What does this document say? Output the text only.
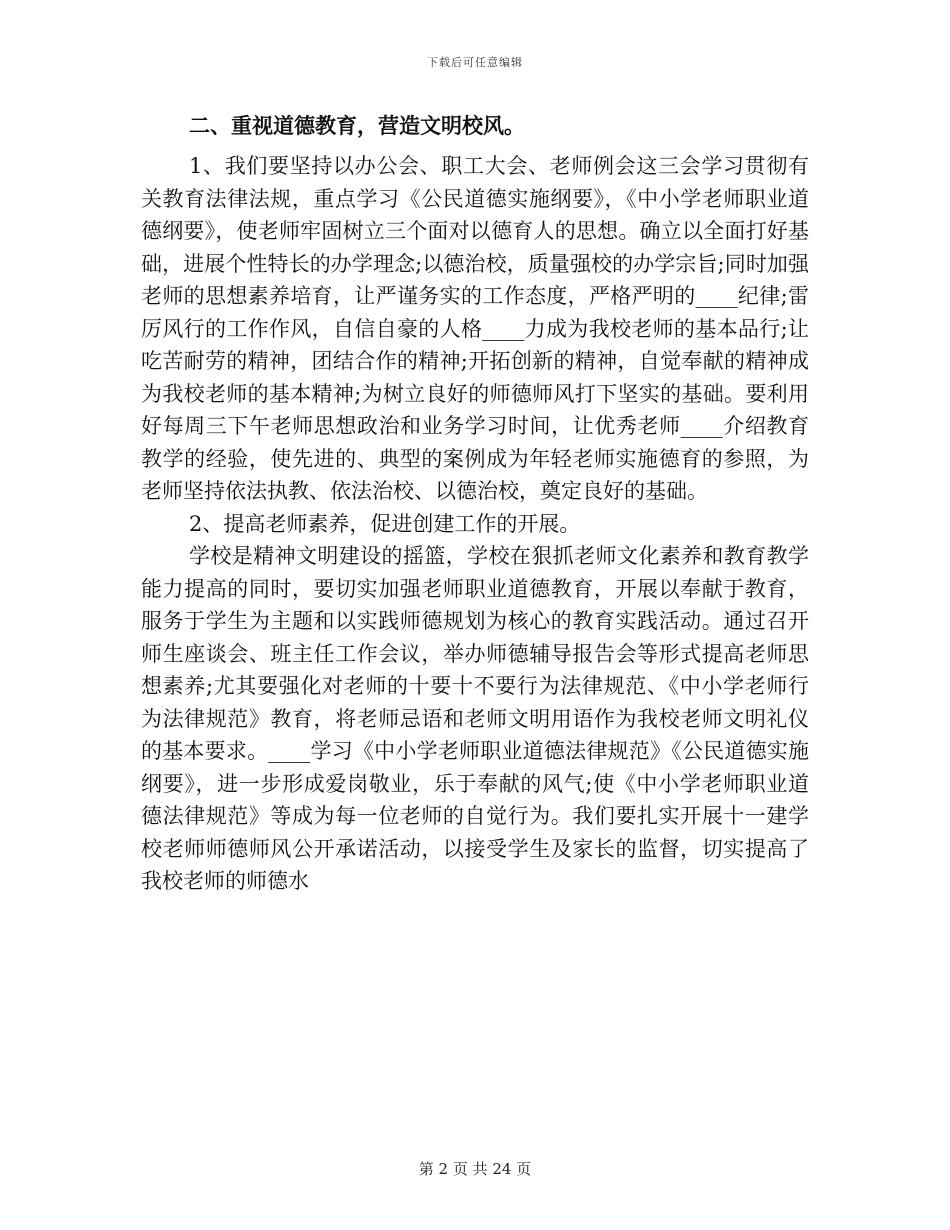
下载后可任意编辑
二、重视道德教育，营造文明校风。

1、我们要坚持以办公会、职工大会、老师例会这三会学习贯彻有关教育法律法规，重点学习《公民道德实施纲要》，《中小学老师职业道德纲要》，使老师牢固树立三个面对以德育人的思想。确立以全面打好基础，进展个性特长的办学理念;以德治校，质量强校的办学宗旨;同时加强老师的思想素养培育，让严谨务实的工作态度，严格严明的____纪律;雷厉风行的工作作风，自信自豪的人格____力成为我校老师的基本品行;让吃苦耐劳的精神，团结合作的精神;开拓创新的精神，自觉奉献的精神成为我校老师的基本精神;为树立良好的师德师风打下坚实的基础。要利用好每周三下午老师思想政治和业务学习时间，让优秀老师____介绍教育教学的经验，使先进的、典型的案例成为年轻老师实施德育的参照，为老师坚持依法执教、依法治校、以德治校，奠定良好的基础。

2、提高老师素养，促进创建工作的开展。

学校是精神文明建设的摇篮，学校在狠抓老师文化素养和教育教学能力提高的同时，要切实加强老师职业道德教育，开展以奉献于教育，服务于学生为主题和以实践师德规划为核心的教育实践活动。通过召开师生座谈会、班主任工作会议，举办师德辅导报告会等形式提高老师思想素养;尤其要强化对老师的十要十不要行为法律规范、《中小学老师行为法律规范》教育，将老师忌语和老师文明用语作为我校老师文明礼仪的基本要求。____学习《中小学老师职业道德法律规范》《公民道德实施纲要》，进一步形成爱岗敬业，乐于奉献的风气;使《中小学老师职业道德法律规范》等成为每一位老师的自觉行为。我们要扎实开展十一建学校老师师德师风公开承诺活动，以接受学生及家长的监督，切实提高了我校老师的师德水

第 2 页 共 24 页
